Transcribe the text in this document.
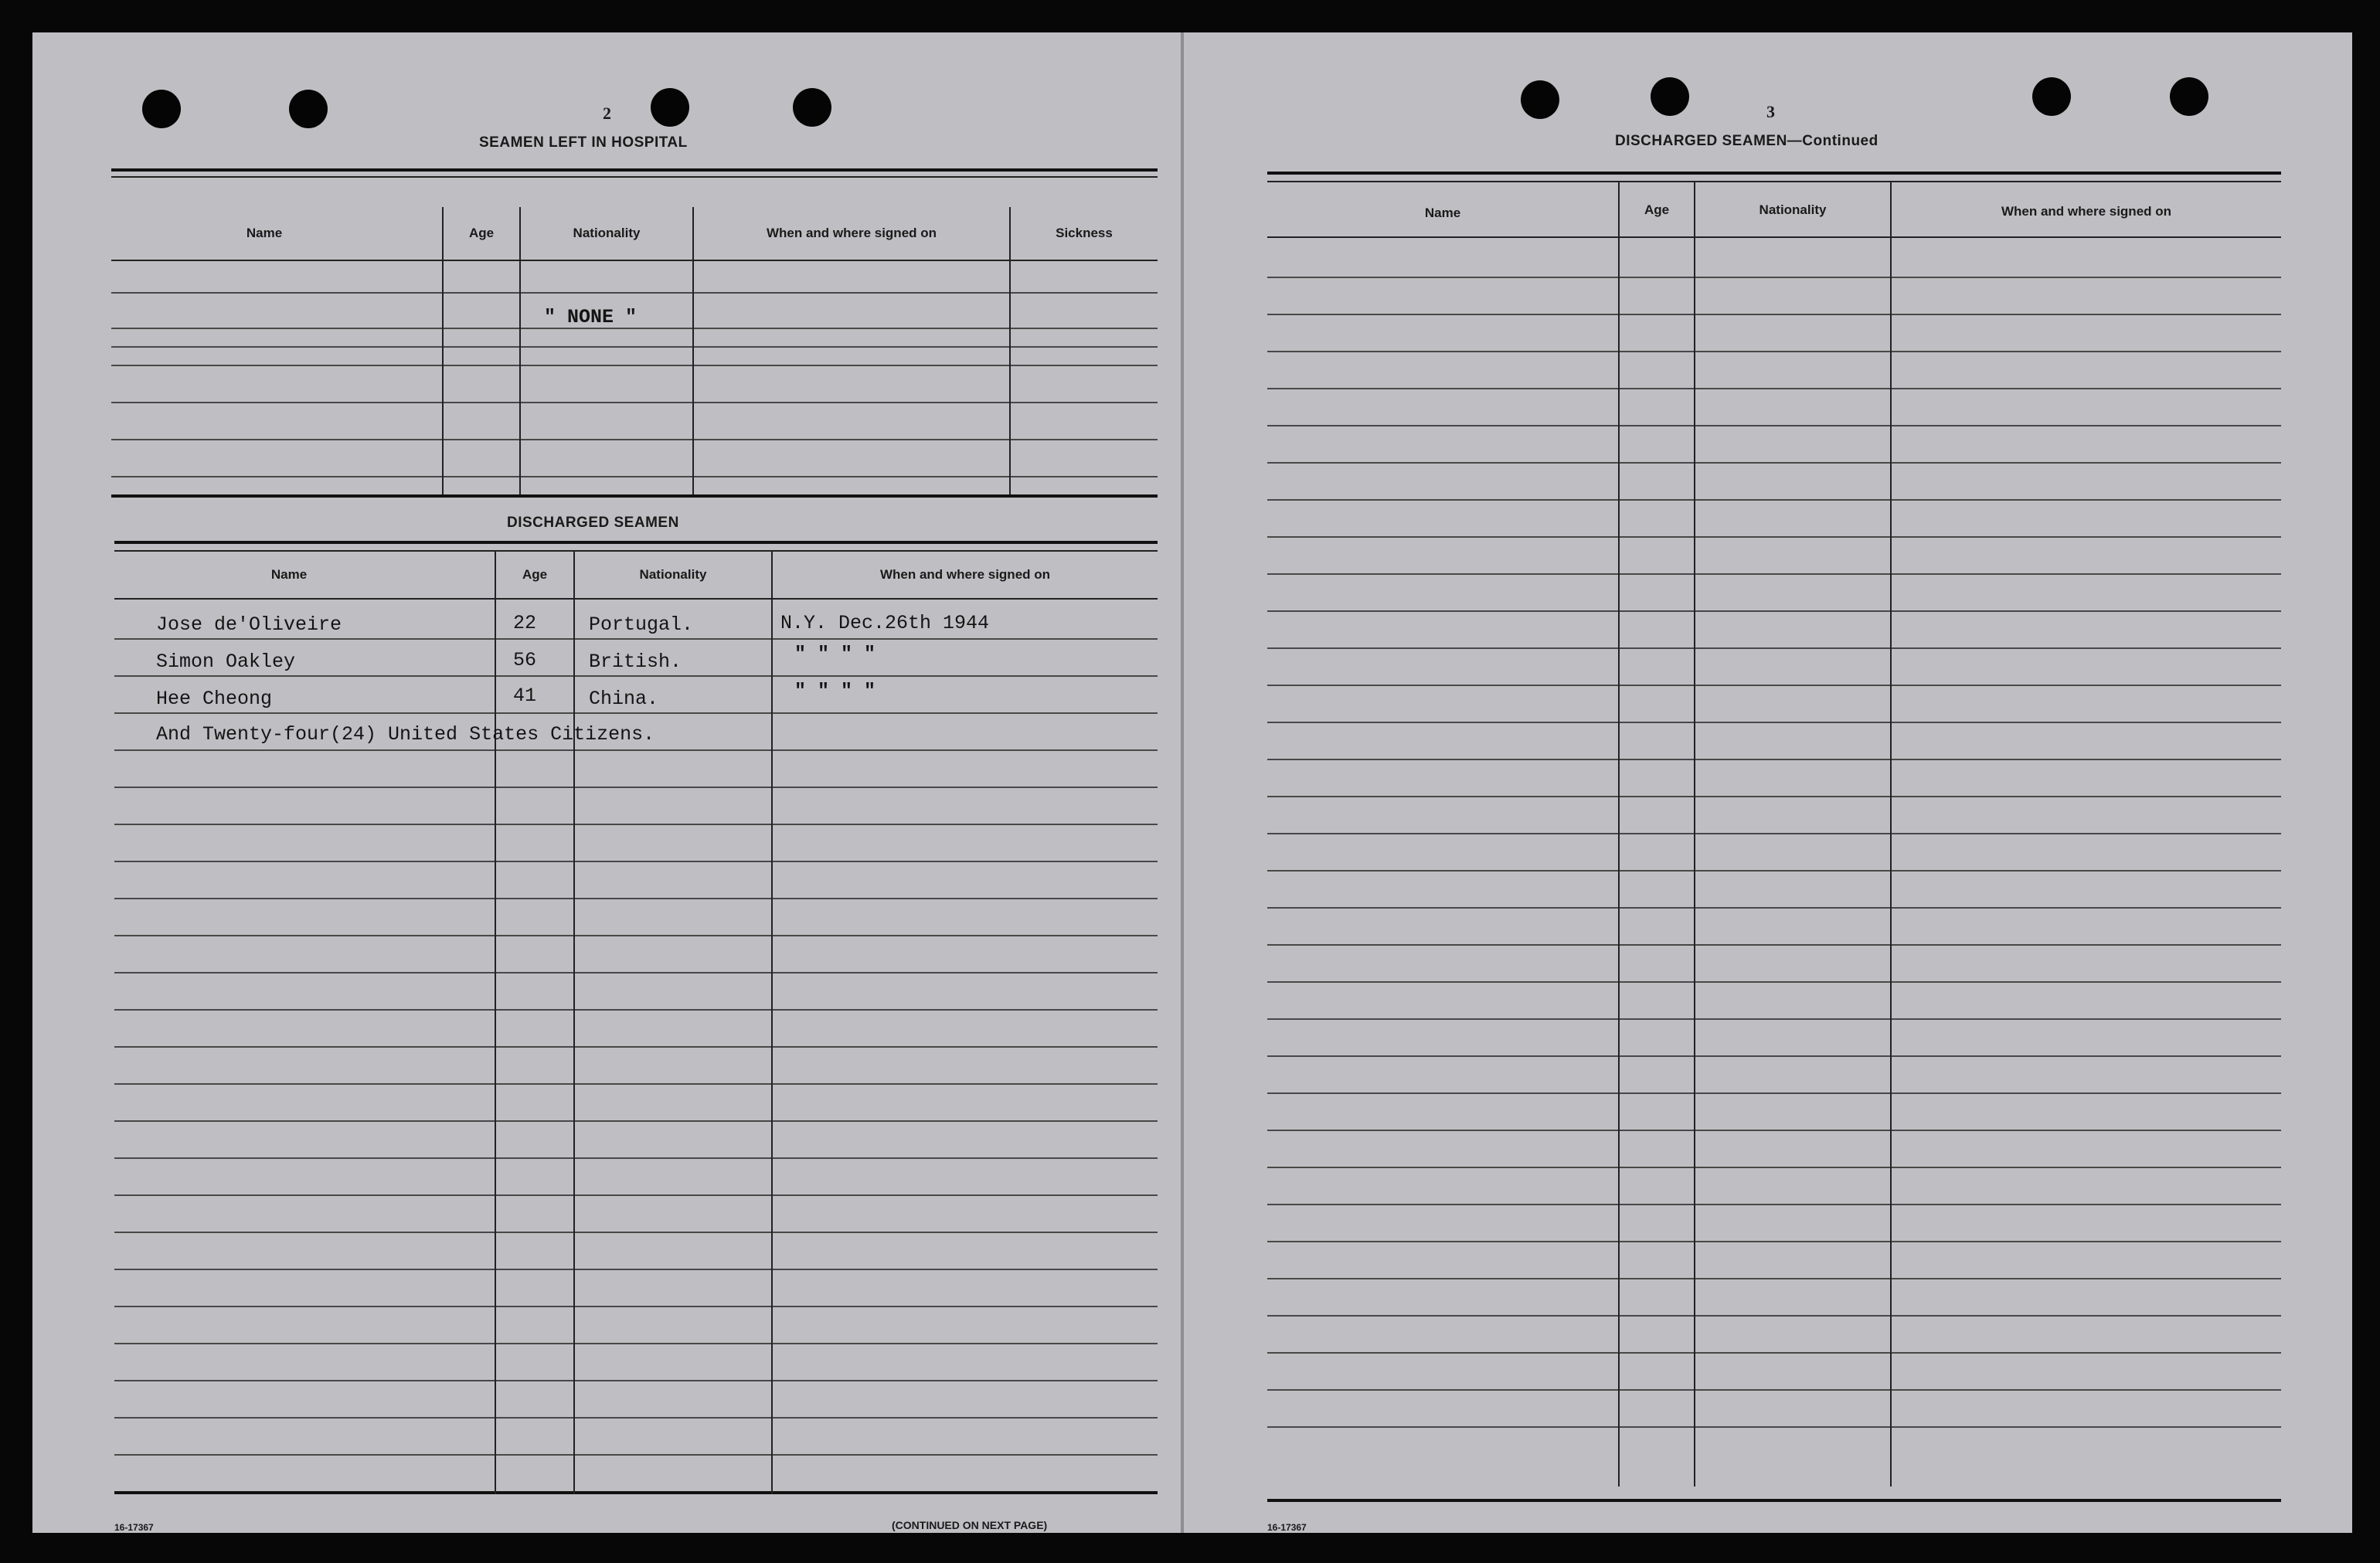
2
SEAMEN LEFT IN HOSPITAL
Name	Age	Nationality	When and where signed on	Sickness
" NONE "
DISCHARGED SEAMEN
Name	Age	Nationality	When and where signed on
Jose de'Oliveire	22	Portugal.	N.Y. Dec.26th 1944
Simon Oakley	56	British.	" " " "
Hee Cheong	41	China.	" " " "
And Twenty-four(24) United States Citizens.
16-17367	(CONTINUED ON NEXT PAGE)
3
DISCHARGED SEAMEN—Continued
Name	Age	Nationality	When and where signed on
16-17367
